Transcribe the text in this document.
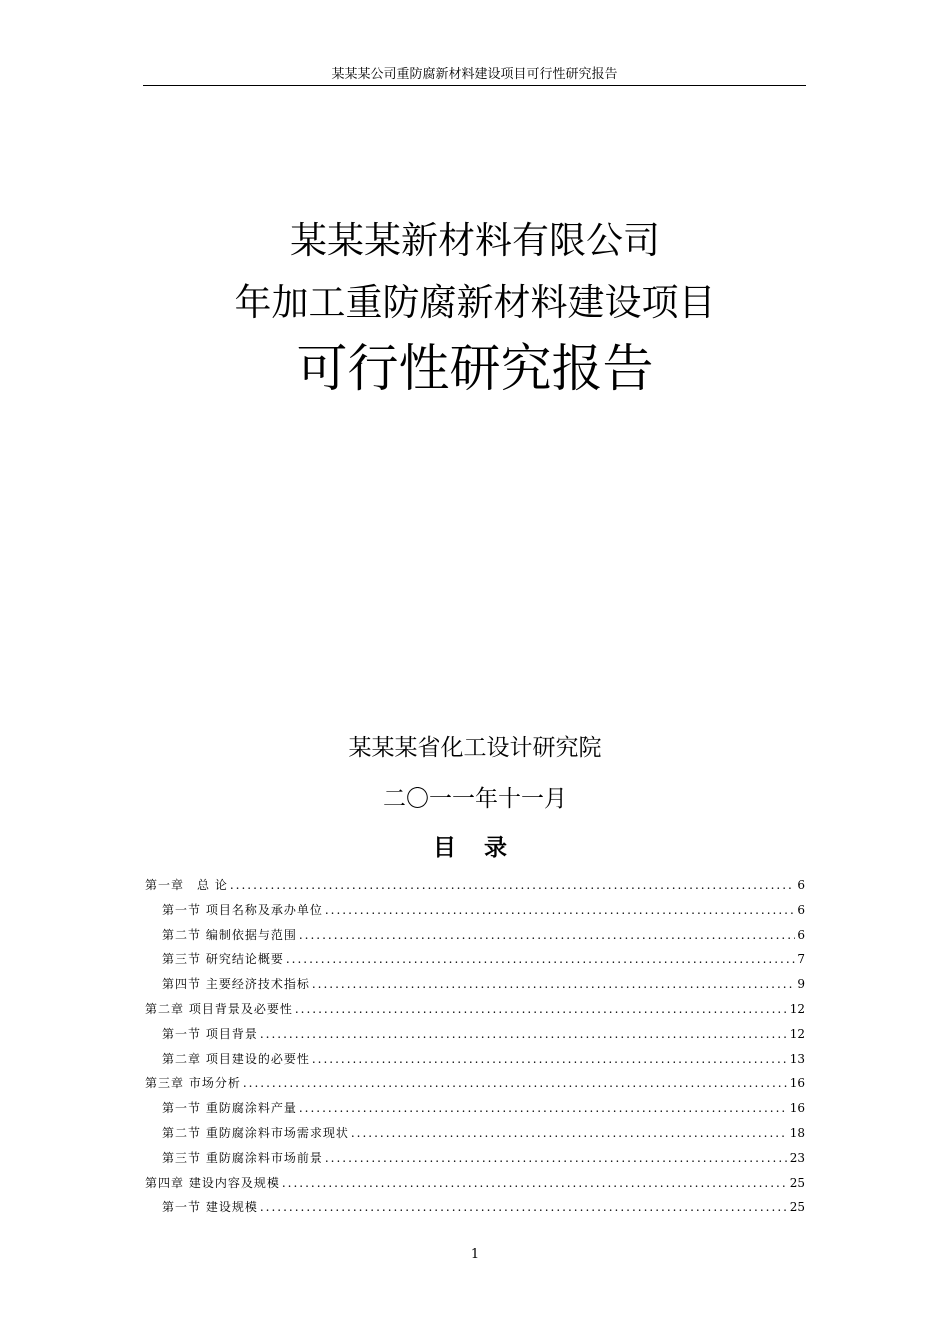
某某某公司重防腐新材料建设项目可行性研究报告
某某某新材料有限公司
年加工重防腐新材料建设项目
可行性研究报告
某某某省化工设计研究院
二〇一一年十一月
目 录
第一章　总 论 .....	6
第一节 项目名称及承办单位 .....	6
第二节 编制依据与范围 .....	6
第三节 研究结论概要 .....	7
第四节 主要经济技术指标 .....	9
第二章 项目背景及必要性 .....	12
第一节 项目背景 .....	12
第二章 项目建设的必要性 .....	13
第三章 市场分析 .....	16
第一节 重防腐涂料产量 .....	16
第二节 重防腐涂料市场需求现状 .....	18
第三节 重防腐涂料市场前景 .....	23
第四章 建设内容及规模 .....	25
第一节 建设规模 .....	25
1
